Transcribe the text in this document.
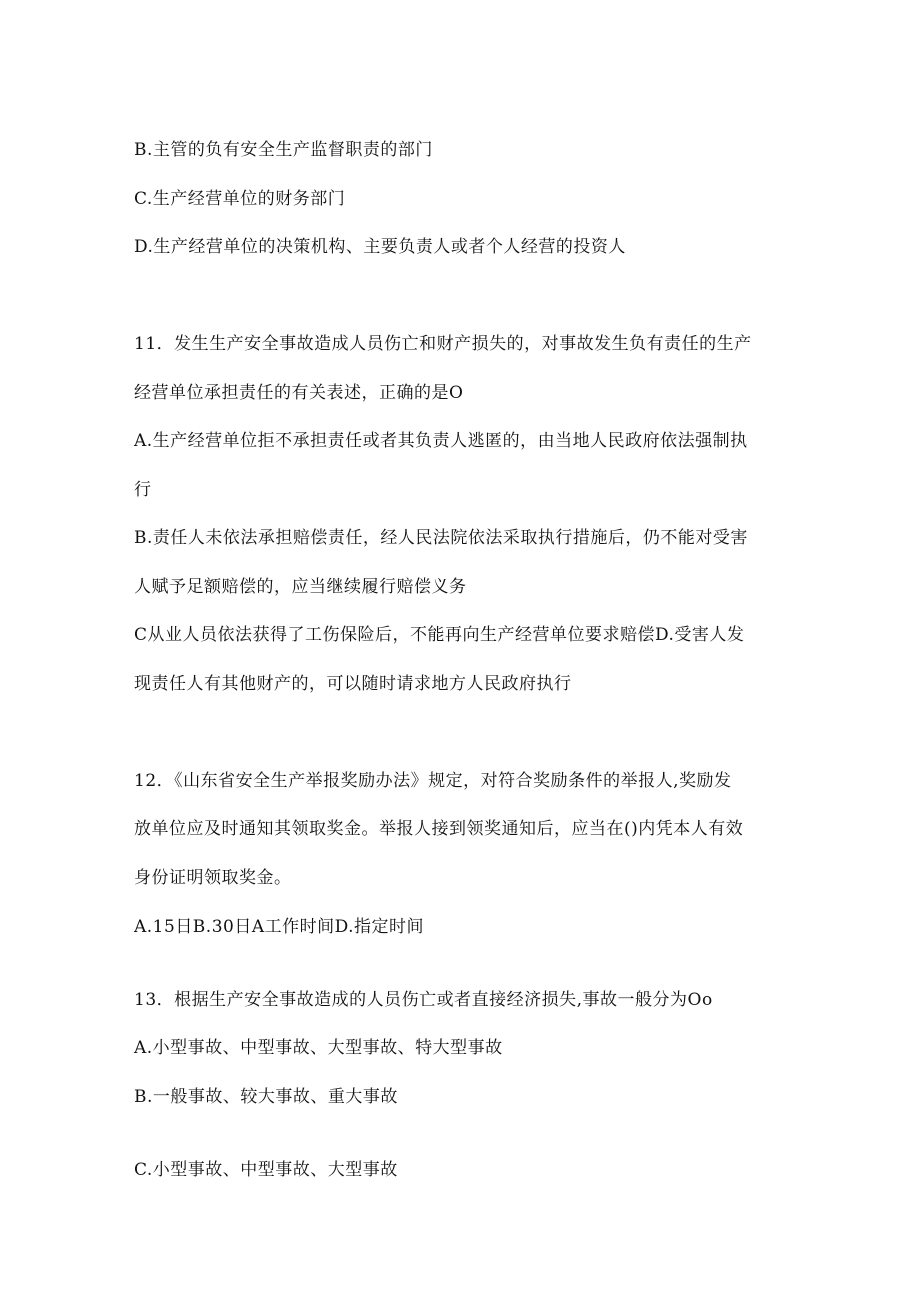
B.主管的负有安全生产监督职责的部门

C.生产经营单位的财务部门

D.生产经营单位的决策机构、主要负责人或者个人经营的投资人

11．发生生产安全事故造成人员伤亡和财产损失的，对事故发生负有责任的生产

经营单位承担责任的有关表述，正确的是O

A.生产经营单位拒不承担责任或者其负责人逃匿的，由当地人民政府依法强制执

行

B.责任人未依法承担赔偿责任，经人民法院依法采取执行措施后，仍不能对受害

人赋予足额赔偿的，应当继续履行赔偿义务

C从业人员依法获得了工伤保险后，不能再向生产经营单位要求赔偿D.受害人发

现责任人有其他财产的，可以随时请求地方人民政府执行

12．《山东省安全生产举报奖励办法》规定，对符合奖励条件的举报人,奖励发

放单位应及时通知其领取奖金。举报人接到领奖通知后，应当在()内凭本人有效

身份证明领取奖金。

A.15日B.30日A工作时间D.指定时间

13．根据生产安全事故造成的人员伤亡或者直接经济损失,事故一般分为Oo

A.小型事故、中型事故、大型事故、特大型事故

B.一般事故、较大事故、重大事故

C.小型事故、中型事故、大型事故
